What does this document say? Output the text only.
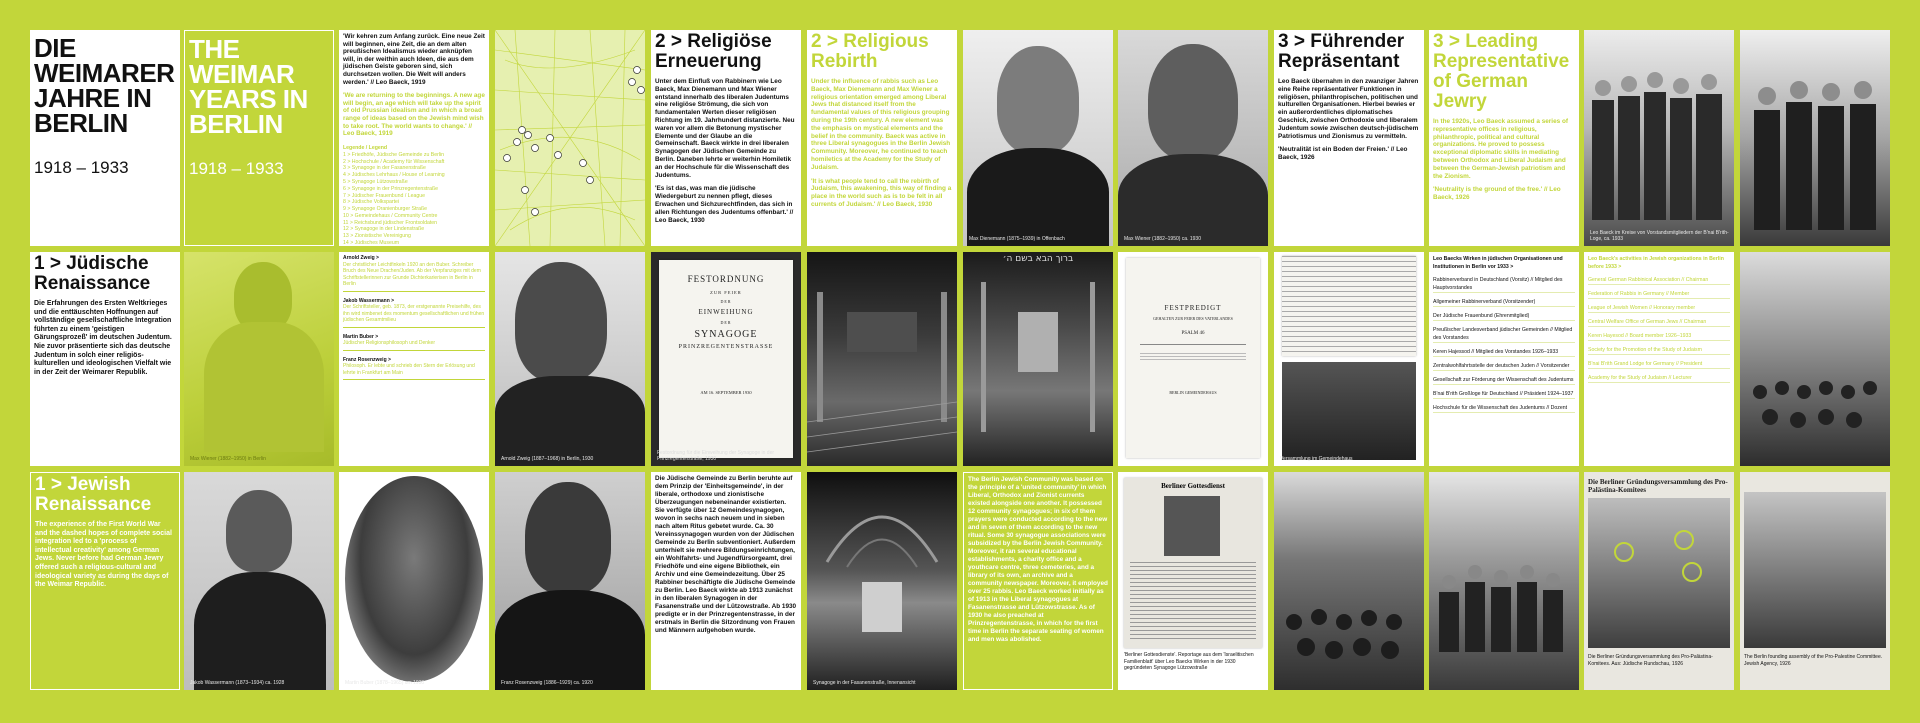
DIE WEIMARER JAHRE IN BERLIN
1918 – 1933
1 > Jüdische Renaissance
Die Erfahrungen des Ersten Weltkrieges und die enttäuschten Hoffnungen auf vollständige gesellschaftliche Integration führten zu einem 'geistigen Gärungsprozeß' im deutschen Judentum. Nie zuvor präsentierte sich das deutsche Judentum in solch einer religiös-kulturellen und ideologischen Vielfalt wie in der Zeit der Weimarer Republik.
1 > Jewish Renaissance
The experience of the First World War and the dashed hopes of complete social integration led to a 'process of intellectual creativity' among German Jews. Never before had German Jewry offered such a religious-cultural and ideological variety as during the days of the Weimar Republic.
THE WEIMAR YEARS IN BERLIN
1918 – 1933
Max Wiener (1882–1950) in Berlin
Jakob Wassermann (1873–1934) ca. 1928
'Wir kehren zum Anfang zurück. Eine neue Zeit will beginnen, eine Zeit, die an dem alten preußischen Idealismus wieder anknüpfen will, in der weithin auch Ideen, die aus dem jüdischen Geiste geboren sind, sich durchsetzen wollen. Die Welt will anders werden.' // Leo Baeck, 1919
'We are returning to the beginnings. A new age will begin, an age which will take up the spirit of old Prussian idealism and in which a broad range of ideas based on the Jewish mind wish to take root. The world wants to change.' // Leo Baeck, 1919
Legende / Legend
1 > Friedhöfe, Jüdische Gemeinde zu Berlin
2 > Hochschule / Academy für Wissenschaft
3 > Synagoge in der Fasanenstraße
4 > Jüdisches Lehrhaus / House of Learning
5 > Synagoge Lützowstraße
6 > Synagoge in der Prinzregentenstraße
7 > Jüdischer Frauenbund / League
8 > Jüdische Volkspartei
9 > Synagoge Oranienburger Straße
10 > Gemeindehaus / Community Centre
11 > Reichsbund jüdischer Frontsoldaten
12 > Synagoge in der Lindenstraße
13 > Zionistische Vereinigung
14 > Jüdisches Museum
Arnold Zweig >
Der christlicher Leichtfinkeln 1920 an den Buber. Schreiber Bruch des Neue Drachen/Juden. Ab der Verpfanziges mit dem Schriftstellerinnen zur Grunde Dichterkarierisen in Berlin in Berlin
Jakob Wassermann >
Der Schriftsteller, geb. 1873, der erstgenannte Preisehilfe, des ihn wird nimbenet des momentum gesellschaftlichen und frühen jüdischen Gesamtmilieu
Martin Buber >
Jüdischer Religionsphilosoph und Denker
Franz Rosenzweig >
Philosoph. Er lebte und schrieb den Stern der Erlösung und lehrte in Frankfurt am Main
Martin Buber (1878–1965) um 1930
Arnold Zweig (1887–1968) in Berlin, 1930
Franz Rosenzweig (1886–1929) ca. 1920
2 > Religiöse Erneuerung
Unter dem Einfluß von Rabbinern wie Leo Baeck, Max Dienemann und Max Wiener entstand innerhalb des liberalen Judentums eine religiöse Strömung, die sich von fundamentalen Werten dieser religiösen Richtung im 19. Jahrhundert distanzierte. Neu waren vor allem die Betonung mystischer Elemente und der Glaube an die Gemeinschaft. Baeck wirkte in drei liberalen Synagogen der Jüdischen Gemeinde zu Berlin. Daneben lehrte er weiterhin Homiletik an der Hochschule für die Wissenschaft des Judentums.
'Es ist das, was man die jüdische Wiedergeburt zu nennen pflegt, dieses Erwachen und Sichzurechtfinden, das sich in allen Richtungen des Judentums offenbart.' // Leo Baeck, 1930
FESTORDNUNG
ZUR FEIER
DER
EINWEIHUNG
DER
SYNAGOGE
PRINZREGENTENSTRASSE
AM 16. SEPTEMBER 1930
Festordnung für die Einweihung der Synagoge in der Prinzregentenstraße, 1930
Die Jüdische Gemeinde zu Berlin beruhte auf dem Prinzip der 'Einheitsgemeinde', in der liberale, orthodoxe und zionistische Überzeugungen nebeneinander existierten. Sie verfügte über 12 Gemeindesynagogen, wovon in sechs nach neuem und in sieben nach altem Ritus gebetet wurde. Ca. 30 Vereinssynagogen wurden von der Jüdischen Gemeinde zu Berlin subventioniert. Außerdem unterhielt sie mehrere Bildungseinrichtungen, ein Wohlfahrts- und Jugendfürsorgeamt, drei Friedhöfe und eine eigene Bibliothek, ein Archiv und eine Gemeindezeitung. Über 25 Rabbiner beschäftigte die Jüdische Gemeinde zu Berlin. Leo Baeck wirkte ab 1913 zunächst in den liberalen Synagogen in der Fasanenstraße und der Lützowstraße. Ab 1930 predigte er in der Prinzregentenstrasse, in der erstmals in Berlin die Sitzordnung von Frauen und Männern aufgehoben wurde.
2 > Religious Rebirth
Under the influence of rabbis such as Leo Baeck, Max Dienemann and Max Wiener a religious orientation emerged among Liberal Jews that distanced itself from the fundamental values of this religious grouping during the 19th century. A new element was the emphasis on mystical elements and the belief in the community. Baeck was active in three Liberal synagogues in the Berlin Jewish Community. Moreover, he continued to teach homiletics at the Academy for the Study of Judaism.
'It is what people tend to call the rebirth of Judaism, this awakening, this way of finding a place in the world such as is to be felt in all currents of Judaism.' // Leo Baeck, 1930
Synagoge in der Fasanenstraße, Innenansicht
Max Dienemann (1875–1939) in Offenbach
ברוך הבא בשם ה׳
The Berlin Jewish Community was based on the principle of a 'united community' in which Liberal, Orthodox and Zionist currents existed alongside one another. It possessed 12 community synagogues; in six of them prayers were conducted according to the new and in seven of them according to the new ritual. Some 30 synagogue associations were subsidized by the Berlin Jewish Community. Moreover, it ran several educational establishments, a charity office and a youthcare centre, three cemeteries, and a library of its own, an archive and a community newspaper. Moreover, it employed over 25 rabbis. Leo Baeck worked initially as of 1913 in the Liberal synagogues at Fasanenstrasse and Lützowstrasse. As of 1930 he also preached at Prinzregentenstrasse, in which for the first time in Berlin the separate seating of women and men was abolished.
Max Wiener (1882–1950) ca. 1930
FESTPREDIGT
GEHALTEN ZUR FEIER DES VATERLANDES
PSALM 46
BERLIN GEMEINDEHAUS
Berliner Gottesdienst
'Berliner Gottesdienste'. Reportage aus dem 'Israelitischen Familienblatt' über Leo Baecks Wirken in der 1930 gegründeten Synagoge Lützowstraße
3 > Führender Repräsentant
Leo Baeck übernahm in den zwanziger Jahren eine Reihe repräsentativer Funktionen in religiösen, philanthropischen, politischen und kulturellen Organisationen. Hierbei bewies er ein außerordentliches diplomatisches Geschick, zwischen Orthodoxie und liberalem Judentum sowie zwischen deutsch-jüdischem Patriotismus und Zionismus zu vermitteln.
'Neutralität ist ein Boden der Freien.' // Leo Baeck, 1926
Versammlung im Gemeindehaus
3 > Leading Representative of German Jewry
In the 1920s, Leo Baeck assumed a series of representative offices in religious, philanthropic, political and cultural organizations. He proved to possess exceptional diplomatic skills in mediating between Orthodox and Liberal Judaism and between the German-Jewish patriotism and the Zionism.
'Neutrality is the ground of the free.' // Leo Baeck, 1926
Leo Baecks Wirken in jüdischen Organisationen und Institutionen in Berlin vor 1933 >
Rabbinerverband in Deutschland (Vorsitz) // Mitglied des Hauptvorstandes
Allgemeiner Rabbinerverband (Vorsitzender)
Der Jüdische Frauenbund (Ehrenmitglied)
Preußischer Landesverband jüdischer Gemeinden // Mitglied des Vorstandes
Keren Hajessod // Mitglied des Vorstandes 1926–1933
Zentralwohlfahrtsstelle der deutschen Juden // Vorsitzender
Gesellschaft zur Förderung der Wissenschaft des Judentums
B'nai B'rith Großloge für Deutschland // Präsident 1924–1937
Hochschule für die Wissenschaft des Judentums // Dozent
Leo Baeck im Kreise von Vorstandsmitgliedern der B'nai B'rith-Loge, ca. 1933
Leo Baeck's activities in Jewish organizations in Berlin before 1933 >
General German Rabbinical Association // Chairman
Federation of Rabbis in Germany // Member
League of Jewish Women // Honorary member
Central Welfare Office of German Jews // Chairman
Keren Hayesod // Board member 1926–1933
Society for the Promotion of the Study of Judaism
B'nai B'rith Grand Lodge for Germany // President
Academy for the Study of Judaism // Lecturer
Die Berliner Gründungsversammlung des Pro-Palästina-Komitees
Die Berliner Gründungsversammlung des Pro-Palästina-Komitees. Aus: Jüdische Rundschau, 1926
The Berlin founding assembly of the Pro-Palestine Committee. Jewish Agency, 1926
